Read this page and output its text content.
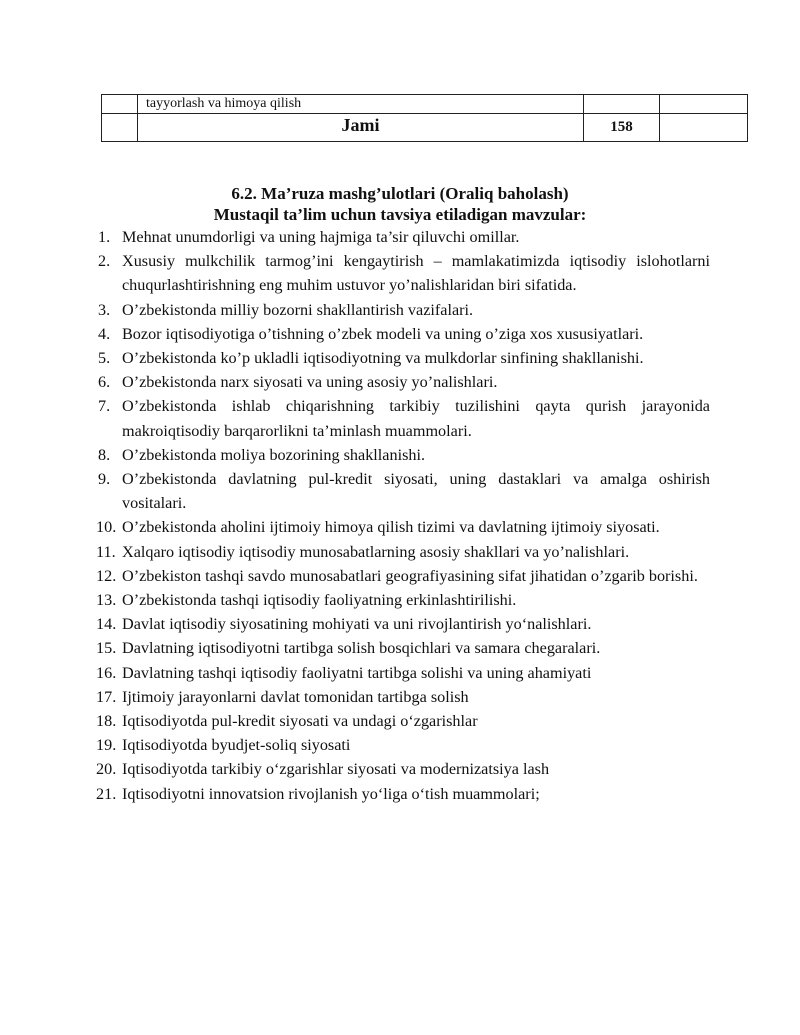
	tayyorlash va himoya qilish		
	Jami	158	
6.2. Ma’ruza mashg’ulotlari (Oraliq baholash)
Mustaqil ta’lim uchun tavsiya etiladigan mavzular:
1. Mehnat unumdorligi va uning hajmiga ta’sir qiluvchi omillar.
2. Xususiy mulkchilik tarmog’ini kengaytirish – mamlakatimizda iqtisodiy islohotlarni chuqurlashtirishning eng muhim ustuvor yo’nalishlaridan biri sifatida.
3. O’zbekistonda milliy bozorni shakllantirish vazifalari.
4. Bozor iqtisodiyotiga o’tishning o’zbek modeli va uning o’ziga xos xususiyatlari.
5. O’zbekistonda ko’p ukladli iqtisodiyotning va mulkdorlar sinfining shakllanishi.
6. O’zbekistonda narx siyosati va uning asosiy yo’nalishlari.
7. O’zbekistonda ishlab chiqarishning tarkibiy tuzilishini qayta qurish jarayonida makroiqtisodiy barqarorlikni ta’minlash muammolari.
8. O’zbekistonda moliya bozorining shakllanishi.
9. O’zbekistonda davlatning pul-kredit siyosati, uning dastaklari va amalga oshirish vositalari.
10. O’zbekistonda aholini ijtimoiy himoya qilish tizimi va davlatning ijtimoiy siyosati.
11. Xalqaro iqtisodiy iqtisodiy munosabatlarning asosiy shakllari va yo’nalishlari.
12. O’zbekiston tashqi savdo munosabatlari geografiyasining sifat jihatidan o’zgarib borishi.
13. O’zbekistonda tashqi iqtisodiy faoliyatning erkinlashtirilishi.
14. Davlat iqtisodiy siyosatining mohiyati va uni rivojlantirish yo‘nalishlari.
15. Davlatning iqtisodiyotni tartibga solish bosqichlari va samara chegaralari.
16. Davlatning tashqi iqtisodiy faoliyatni tartibga solishi va uning ahamiyati
17. Ijtimoiy jarayonlarni davlat tomonidan tartibga solish
18. Iqtisodiyotda pul-kredit siyosati va undagi o‘zgarishlar
19. Iqtisodiyotda byudjet-soliq siyosati
20. Iqtisodiyotda tarkibiy o‘zgarishlar siyosati va modernizatsiya lash
21. Iqtisodiyotni innovatsion rivojlanish yo‘liga o‘tish muammolari;
